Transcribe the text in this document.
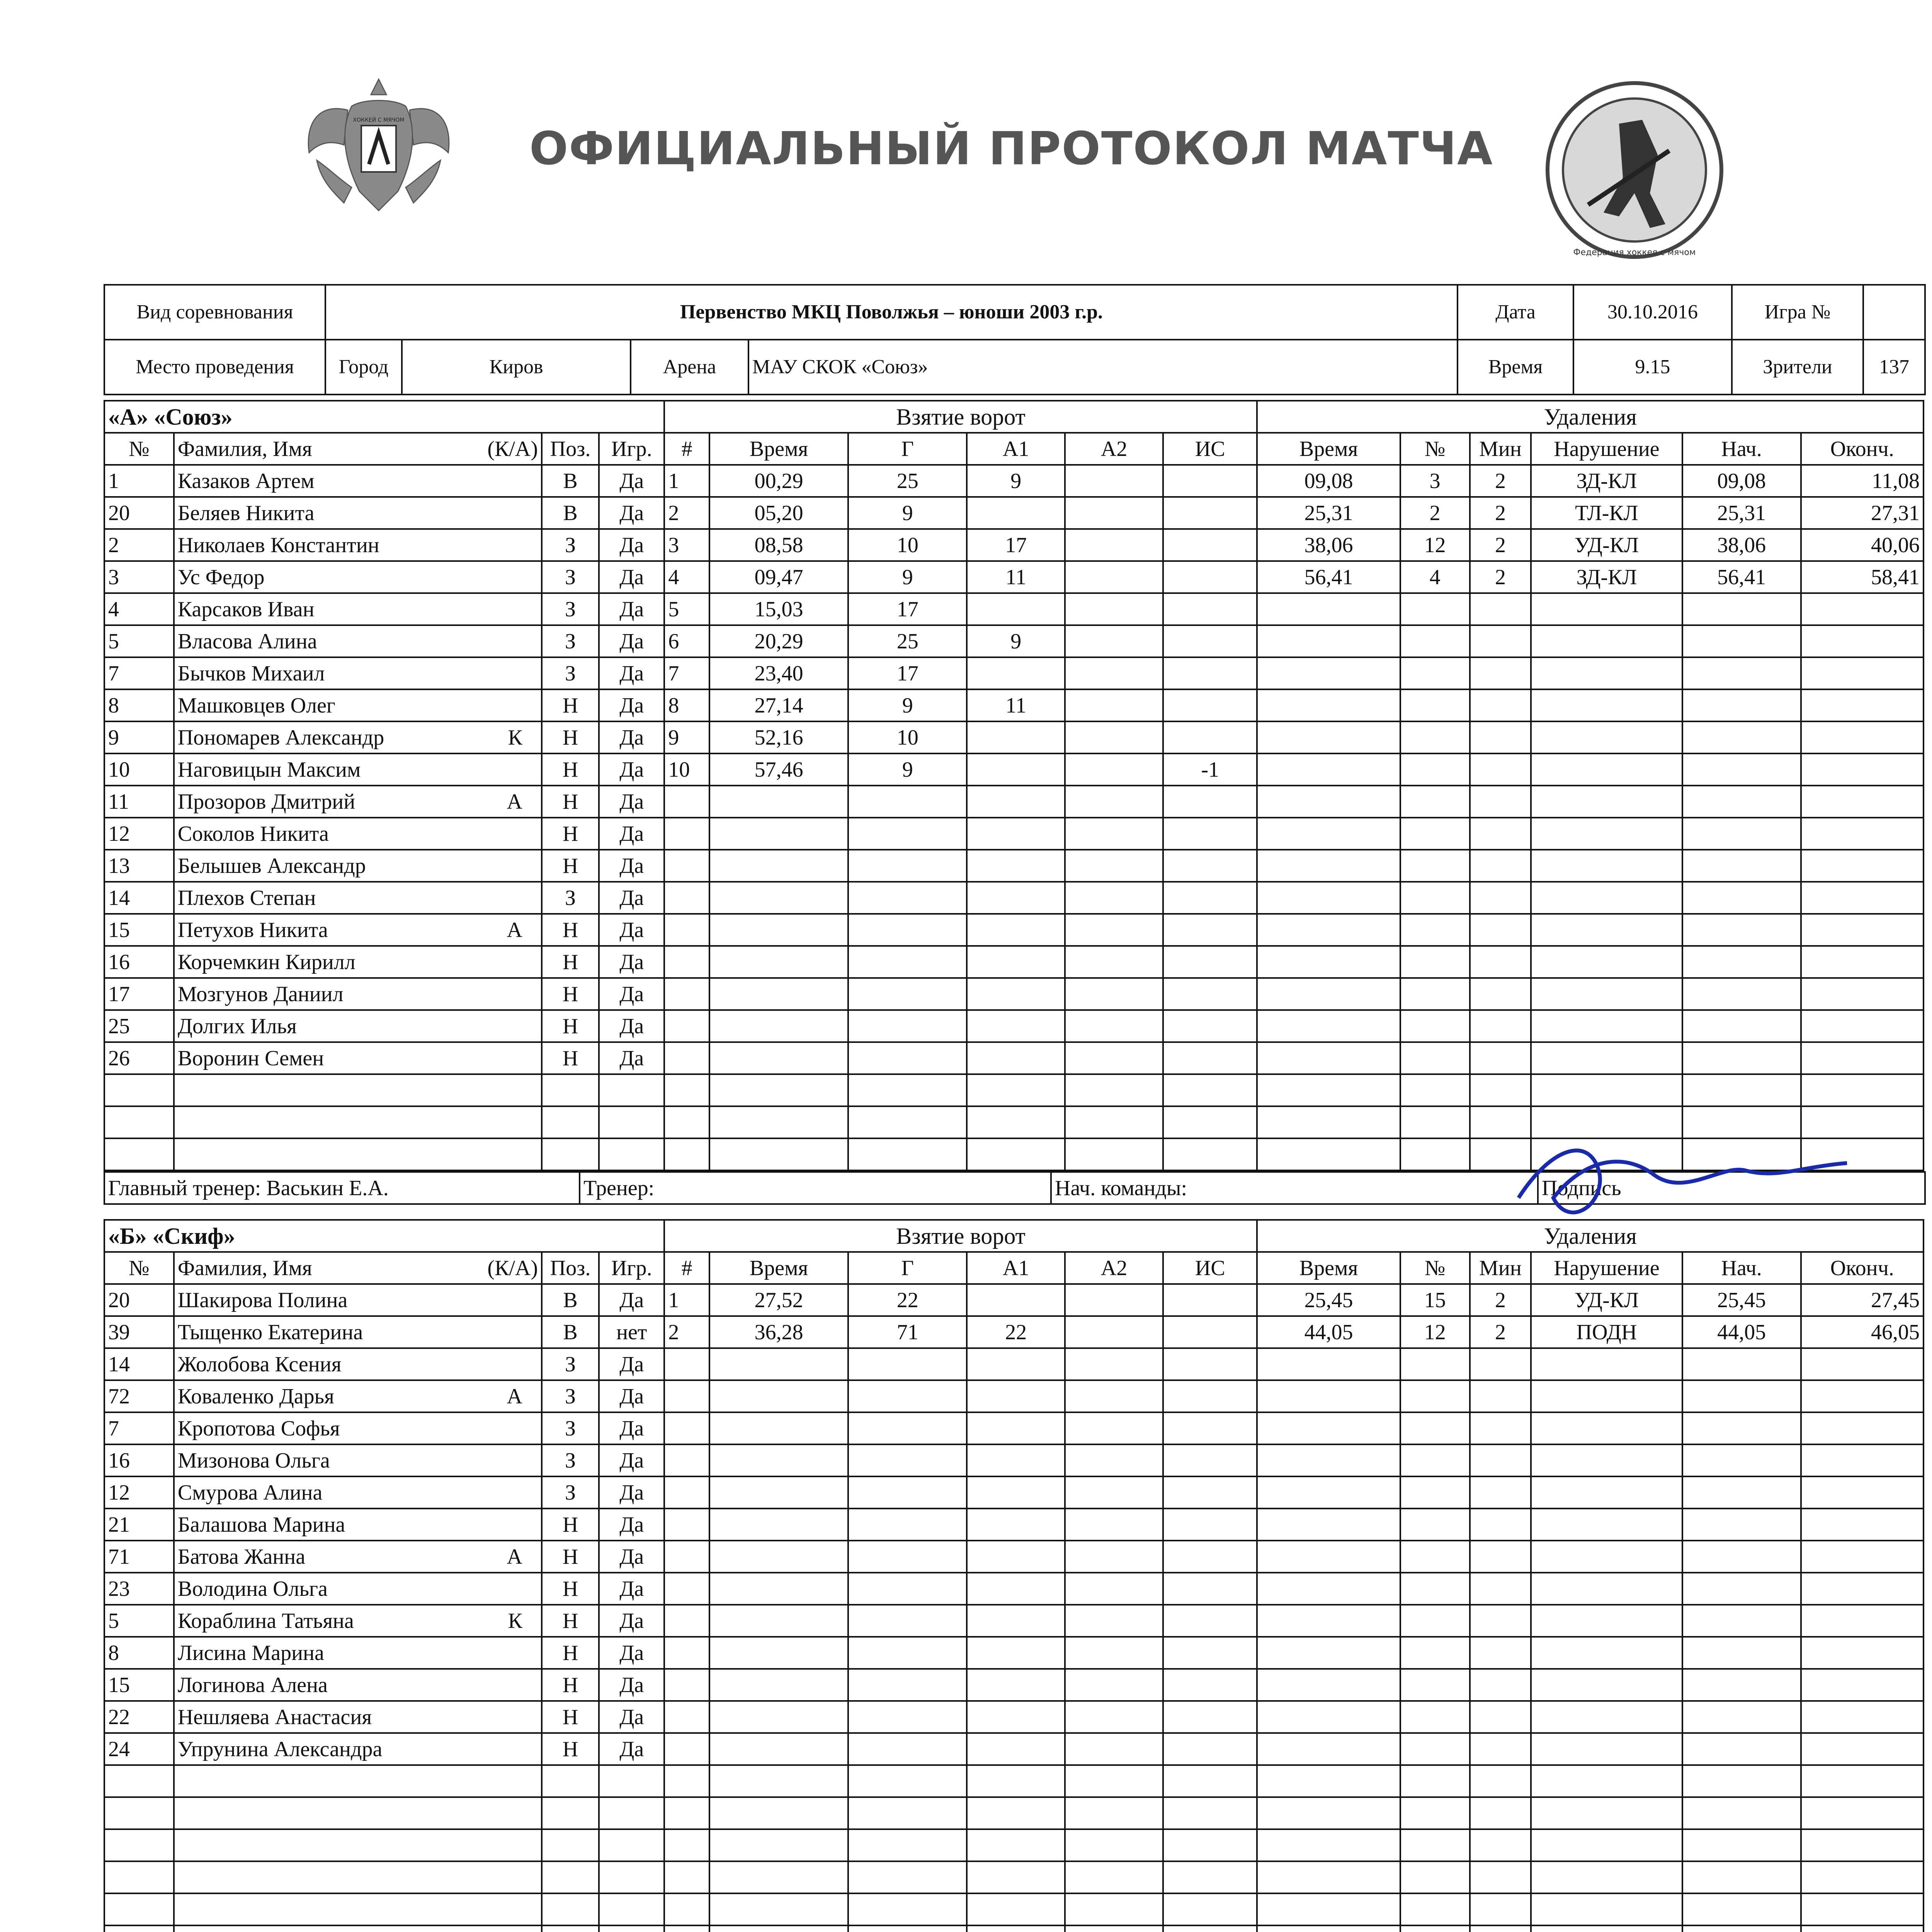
ХОККЕЙ С МЯЧОМ
ОФИЦИАЛЬНЫЙ ПРОТОКОЛ МАТЧА
Федерация хоккея с мячом
Вид соревнования	Первенство МКЦ Поволжья – юноши 2003 г.р.				Дата	30.10.2016	Игра №	
Место проведения	Город	Киров	Арена	МАУ СКОК «Союз»	Время	9.15	Зрители	137
«А» «Союз»				Взятие ворот						Удаления					
№	Фамилия, Имя (К/А)	Поз.	Игр.	#	Время	Г	А1	А2	ИС	Время	№	Мин	Нарушение	Нач.	Оконч.
1	Казаков Артем	В	Да	1	00,29	25	9			09,08	3	2	ЗД-КЛ	09,08	11,08
20	Беляев Никита	В	Да	2	05,20	9				25,31	2	2	ТЛ-КЛ	25,31	27,31
2	Николаев Константин	З	Да	3	08,58	10	17			38,06	12	2	УД-КЛ	38,06	40,06
3	Ус Федор	З	Да	4	09,47	9	11			56,41	4	2	ЗД-КЛ	56,41	58,41
4	Карсаков Иван	З	Да	5	15,03	17									
5	Власова Алина	З	Да	6	20,29	25	9								
7	Бычков Михаил	З	Да	7	23,40	17									
8	Машковцев Олег	Н	Да	8	27,14	9	11								
9	Пономарев Александр К	Н	Да	9	52,16	10									
10	Наговицын Максим	Н	Да	10	57,46	9			-1						
11	Прозоров Дмитрий А	Н	Да												
12	Соколов Никита	Н	Да												
13	Белышев Александр	Н	Да												
14	Плехов Степан	З	Да												
15	Петухов Никита А	Н	Да												
16	Корчемкин Кирилл	Н	Да												
17	Мозгунов Даниил	Н	Да												
25	Долгих Илья	Н	Да												
26	Воронин Семен	Н	Да												

Главный тренер: Васькин Е.А.	Тренер:	Нач. команды:	Подпись
«Б» «Скиф»				Взятие ворот						Удаления					
№	Фамилия, Имя (К/А)	Поз.	Игр.	#	Время	Г	А1	А2	ИС	Время	№	Мин	Нарушение	Нач.	Оконч.
20	Шакирова Полина	В	Да	1	27,52	22				25,45	15	2	УД-КЛ	25,45	27,45
39	Тыщенко Екатерина	В	нет	2	36,28	71	22			44,05	12	2	ПОДН	44,05	46,05
14	Жолобова Ксения	З	Да												
72	Коваленко Дарья А	З	Да												
7	Кропотова Софья	З	Да												
16	Мизонова Ольга	З	Да												
12	Смурова Алина	З	Да												
21	Балашова Марина	Н	Да												
71	Батова Жанна А	Н	Да												
23	Володина Ольга	Н	Да												
5	Кораблина Татьяна К	Н	Да												
8	Лисина Марина	Н	Да												
15	Логинова Алена	Н	Да												
22	Нешляева Анастасия	Н	Да												
24	Упрунина Александра	Н	Да												
